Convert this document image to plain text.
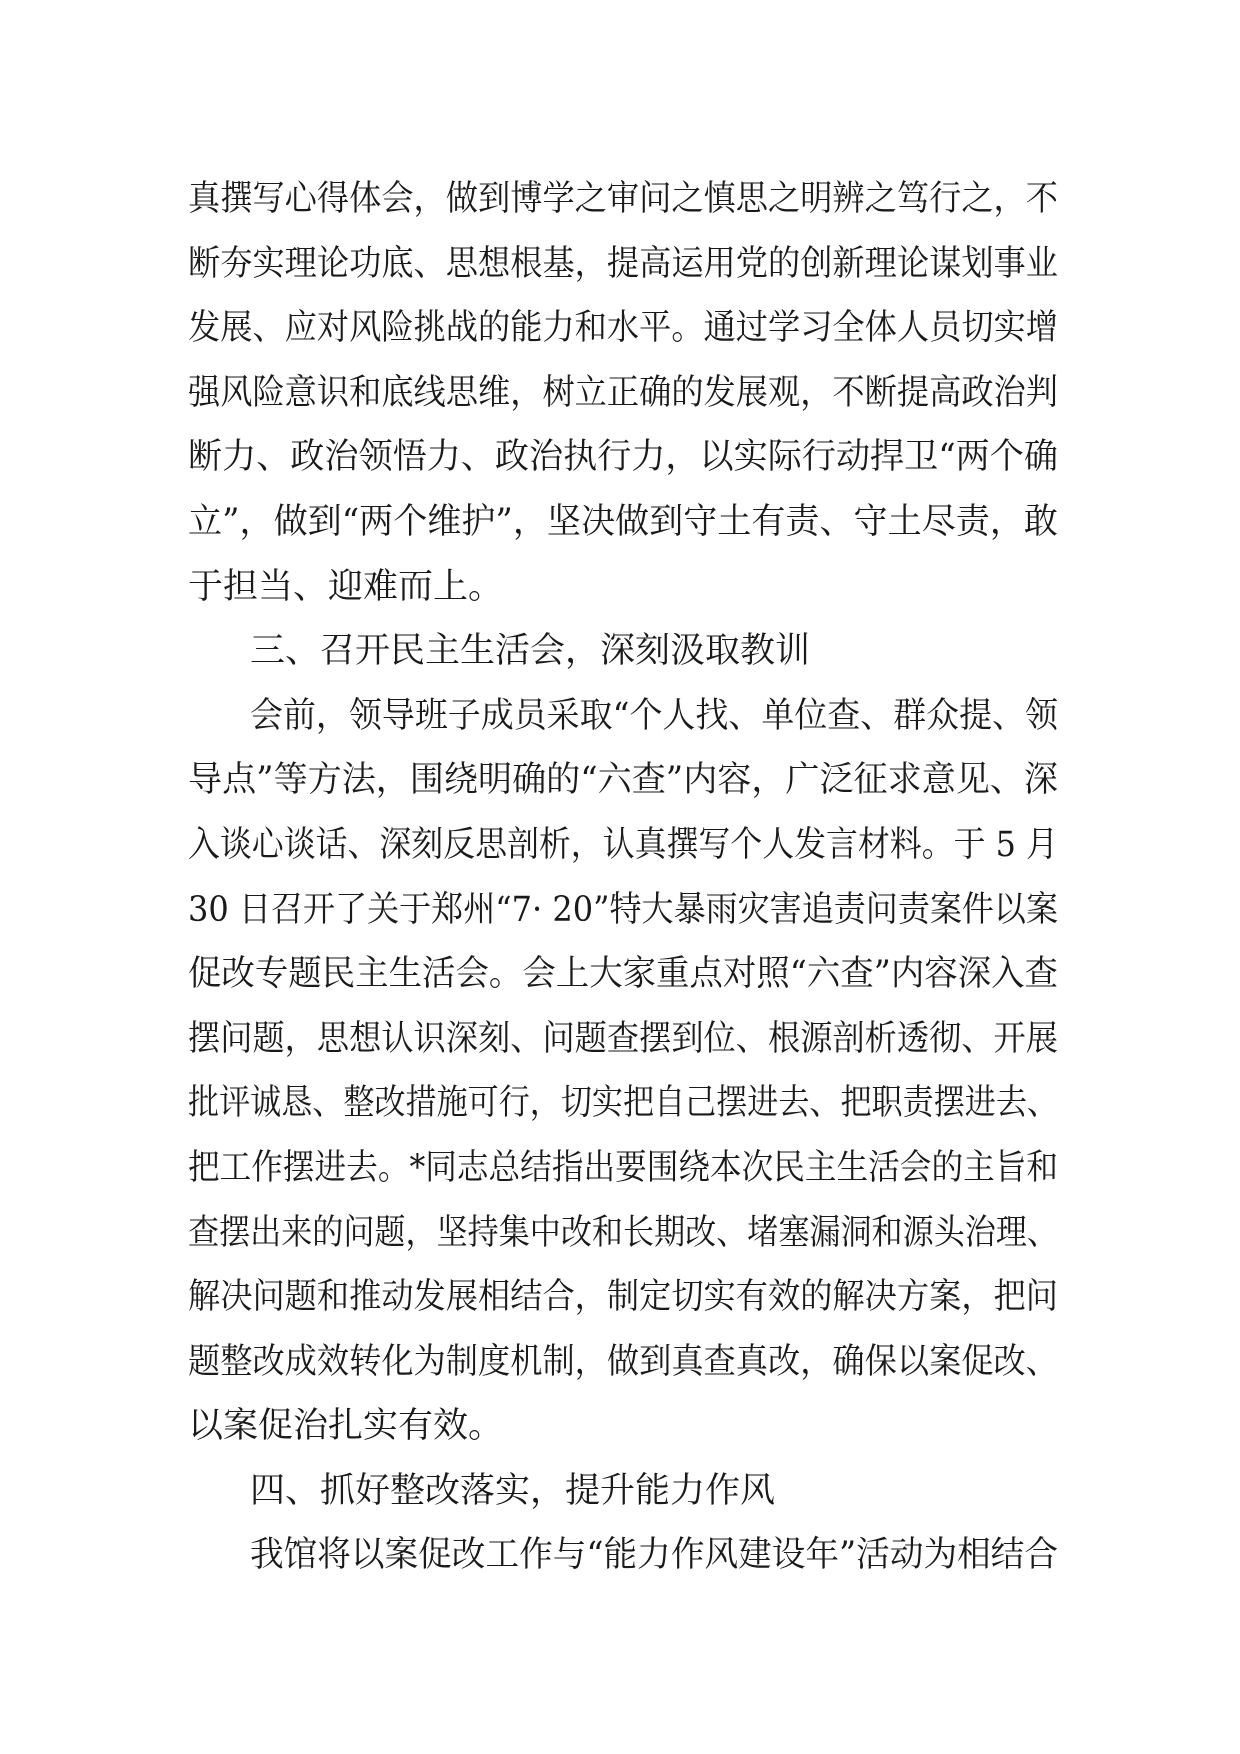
真撰写心得体会，做到博学之审问之慎思之明辨之笃行之，不
断夯实理论功底、思想根基，提高运用党的创新理论谋划事业
发展、应对风险挑战的能力和水平。通过学习全体人员切实增
强风险意识和底线思维，树立正确的发展观，不断提高政治判
断力、政治领悟力、政治执行力，以实际行动捍卫“两个确
立”，做到“两个维护”，坚决做到守土有责、守土尽责，敢
于担当、迎难而上。
三、召开民主生活会，深刻汲取教训
会前，领导班子成员采取“个人找、单位查、群众提、领
导点”等方法，围绕明确的“六查”内容，广泛征求意见、深
入谈心谈话、深刻反思剖析，认真撰写个人发言材料。于 5 月
30 日召开了关于郑州“7· 20”特大暴雨灾害追责问责案件以案
促改专题民主生活会。会上大家重点对照“六查”内容深入查
摆问题，思想认识深刻、问题查摆到位、根源剖析透彻、开展
批评诚恳、整改措施可行，切实把自己摆进去、把职责摆进去、
把工作摆进去。*同志总结指出要围绕本次民主生活会的主旨和
查摆出来的问题，坚持集中改和长期改、堵塞漏洞和源头治理、
解决问题和推动发展相结合，制定切实有效的解决方案，把问
题整改成效转化为制度机制，做到真查真改，确保以案促改、
以案促治扎实有效。
四、抓好整改落实，提升能力作风
我馆将以案促改工作与“能力作风建设年”活动为相结合
